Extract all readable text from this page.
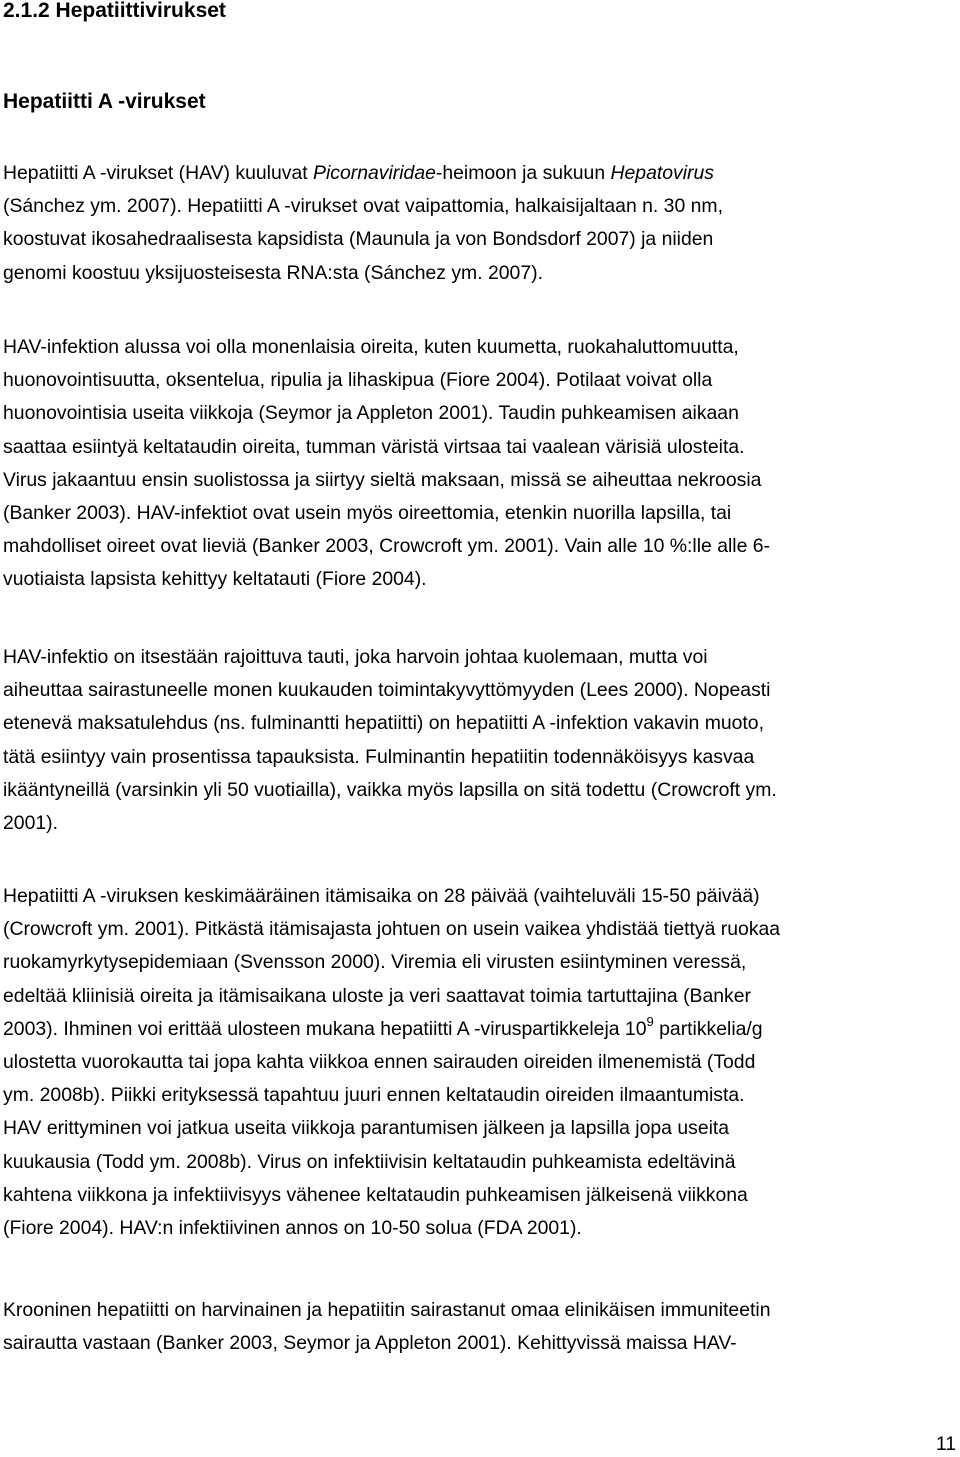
2.1.2 Hepatiittivirukset
Hepatiitti A -virukset
Hepatiitti A -virukset (HAV) kuuluvat Picornaviridae-heimoon ja sukuun Hepatovirus
(Sánchez ym. 2007). Hepatiitti A -virukset ovat vaipattomia, halkaisijaltaan n. 30 nm,
koostuvat ikosahedraalisesta kapsidista (Maunula ja von Bondsdorf 2007) ja niiden
genomi koostuu yksijuosteisesta RNA:sta (Sánchez ym. 2007).
HAV-infektion alussa voi olla monenlaisia oireita, kuten kuumetta, ruokahaluttomuutta,
huonovointisuutta, oksentelua, ripulia ja lihaskipua (Fiore 2004). Potilaat voivat olla
huonovointisia useita viikkoja (Seymor ja Appleton 2001). Taudin puhkeamisen aikaan
saattaa esiintyä keltataudin oireita, tumman väristä virtsaa tai vaalean värisiä ulosteita.
Virus jakaantuu ensin suolistossa ja siirtyy sieltä maksaan, missä se aiheuttaa nekroosia
(Banker 2003). HAV-infektiot ovat usein myös oireettomia, etenkin nuorilla lapsilla, tai
mahdolliset oireet ovat lieviä (Banker 2003, Crowcroft ym. 2001). Vain alle 10 %:lle alle 6-
vuotiaista lapsista kehittyy keltatauti (Fiore 2004).
HAV-infektio on itsestään rajoittuva tauti, joka harvoin johtaa kuolemaan, mutta voi
aiheuttaa sairastuneelle monen kuukauden toimintakyvyttömyyden (Lees 2000). Nopeasti
etenevä maksatulehdus (ns. fulminantti hepatiitti) on hepatiitti A -infektion vakavin muoto,
tätä esiintyy vain prosentissa tapauksista. Fulminantin hepatiitin todennäköisyys kasvaa
ikääntyneillä (varsinkin yli 50 vuotiailla), vaikka myös lapsilla on sitä todettu (Crowcroft ym.
2001).
Hepatiitti A -viruksen keskimääräinen itämisaika on 28 päivää (vaihteluväli 15-50 päivää)
(Crowcroft ym. 2001). Pitkästä itämisajasta johtuen on usein vaikea yhdistää tiettyä ruokaa
ruokamyrkytysepidemiaan (Svensson 2000). Viremia eli virusten esiintyminen veressä,
edeltää kliinisiä oireita ja itämisaikana uloste ja veri saattavat toimia tartuttajina (Banker
2003). Ihminen voi erittää ulosteen mukana hepatiitti A -viruspartikkeleja $10^9$ partikkelia/g
ulostetta vuorokautta tai jopa kahta viikkoa ennen sairauden oireiden ilmenemistä (Todd
ym. 2008b). Piikki erityksessä tapahtuu juuri ennen keltataudin oireiden ilmaantumista.
HAV erittyminen voi jatkua useita viikkoja parantumisen jälkeen ja lapsilla jopa useita
kuukausia (Todd ym. 2008b). Virus on infektiivisin keltataudin puhkeamista edeltävinä
kahtena viikkona ja infektiivisyys vähenee keltataudin puhkeamisen jälkeisenä viikkona
(Fiore 2004). HAV:n infektiivinen annos on 10-50 solua (FDA 2001).
Krooninen hepatiitti on harvinainen ja hepatiitin sairastanut omaa elinikäisen immuniteetin
sairautta vastaan (Banker 2003, Seymor ja Appleton 2001). Kehittyvissä maissa HAV-
11
